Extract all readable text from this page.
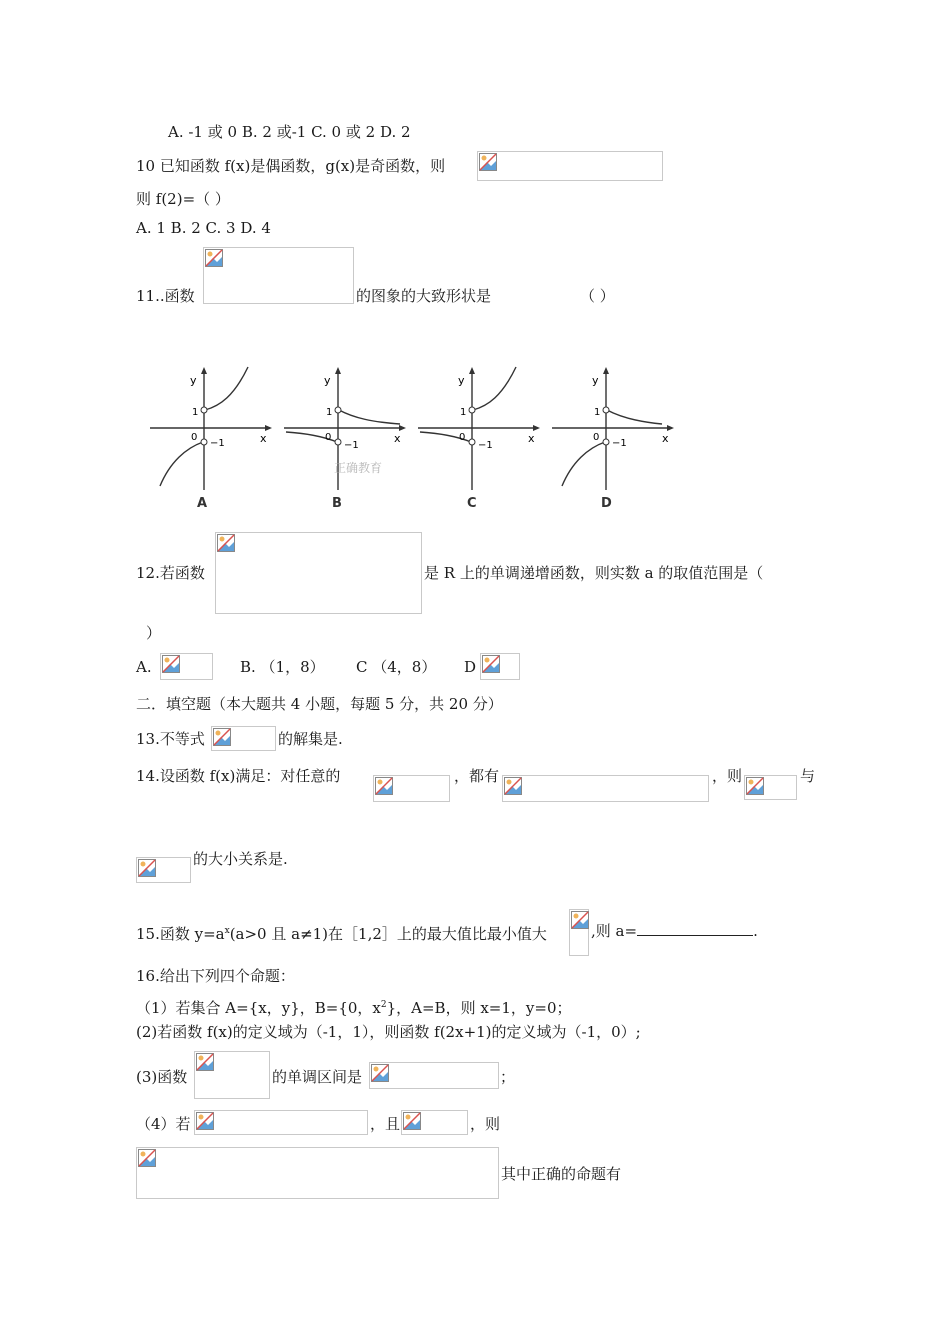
A. -1 或 0 B. 2 或-1 C. 0 或 2 D. 2
10 已知函数 f(x)是偶函数，g(x)是奇函数，则
则 f(2)=（ ）
A. 1 B. 2 C. 3 D. 4
11..函数	的图象的大致形状是	（ ）
y
x
1
0
−1
A
y
x
1
0
−1
正确教育
B
y
x
1
0
−1
C
y
x
1
0
−1
D
12.若函数	是 R 上的单调递增函数，则实数 a 的取值范围是（
）
A.	B. （1，8） C （4，8） D
二．填空题（本大题共 4 小题，每题 5 分，共 20 分）
13.不等式	的解集是.
14.设函数 f(x)满足：对任意的	，都有	，则	与
的大小关系是.
15.函数 $y=a^x(a>0$ 且 a≠1)在［1,2］上的最大值比最小值大	,则 a=	.
16.给出下列四个命题：
（1）若集合 A={x，y}，B={0，$x^2$}，A=B，则 x=1，y=0；
(2)若函数 f(x)的定义域为（-1，1），则函数 f(2x+1)的定义域为（-1，0）;
(3)函数	的单调区间是	；
（4）若	，且	，则
其中正确的命题有
